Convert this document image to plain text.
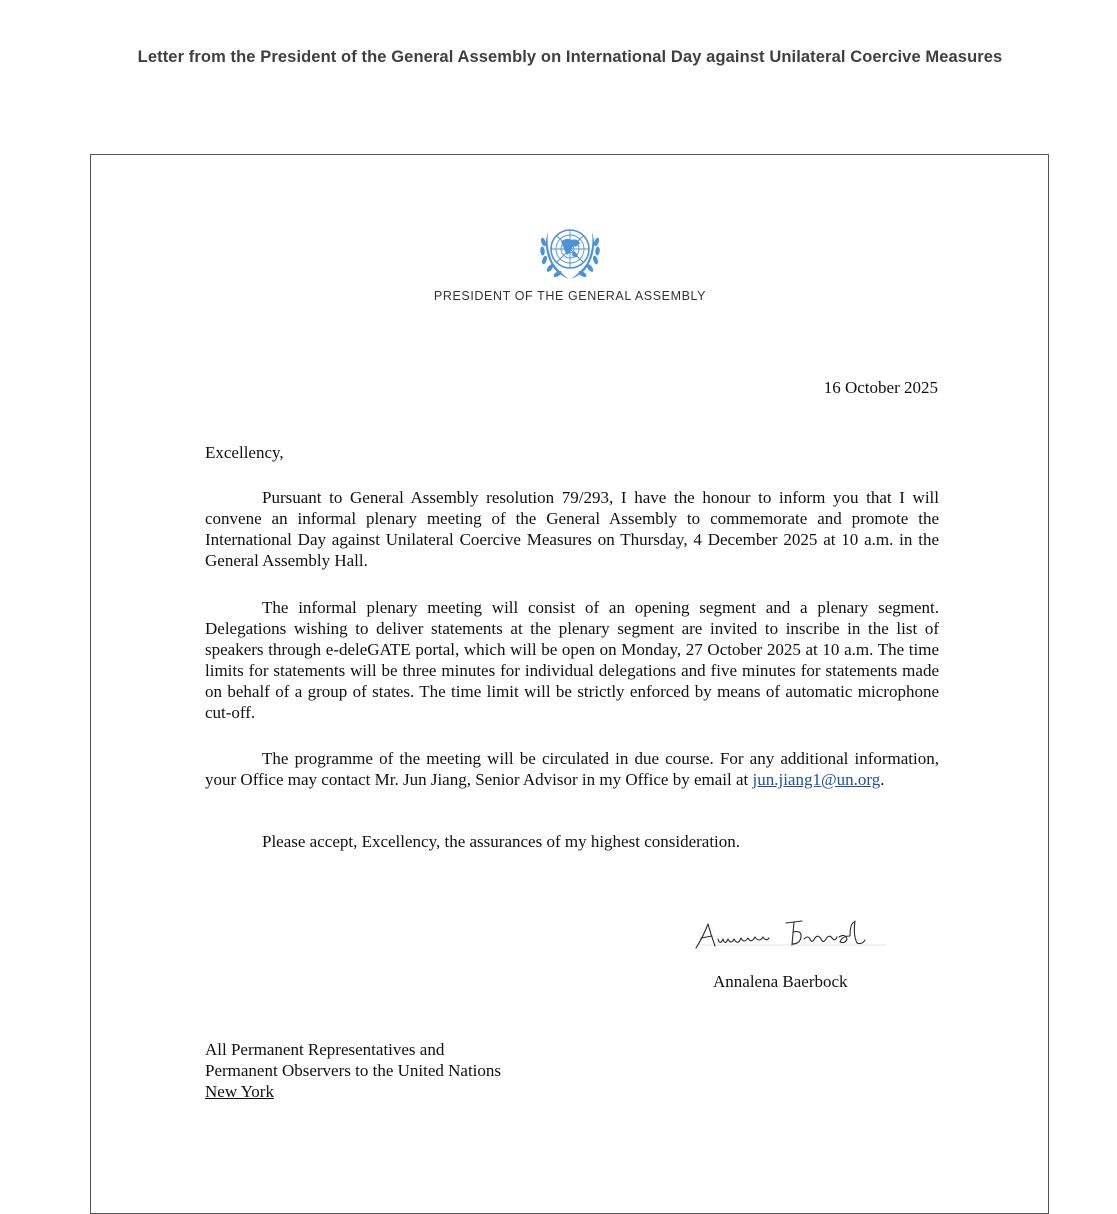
Letter from the President of the General Assembly on International Day against Unilateral Coercive Measures
PRESIDENT OF THE GENERAL ASSEMBLY
16 October 2025
Excellency,

Pursuant to General Assembly resolution 79/293, I have the honour to inform you that I will convene an informal plenary meeting of the General Assembly to commemorate and promote the International Day against Unilateral Coercive Measures on Thursday, 4 December 2025 at 10 a.m. in the General Assembly Hall.

The informal plenary meeting will consist of an opening segment and a plenary segment. Delegations wishing to deliver statements at the plenary segment are invited to inscribe in the list of speakers through e-deleGATE portal, which will be open on Monday, 27 October 2025 at 10 a.m. The time limits for statements will be three minutes for individual delegations and five minutes for statements made on behalf of a group of states. The time limit will be strictly enforced by means of automatic microphone cut-off.

The programme of the meeting will be circulated in due course. For any additional information, your Office may contact Mr. Jun Jiang, Senior Advisor in my Office by email at jun.jiang1@un.org.

Please accept, Excellency, the assurances of my highest consideration.

Annalena Baerbock
All Permanent Representatives and
Permanent Observers to the United Nations
New York
